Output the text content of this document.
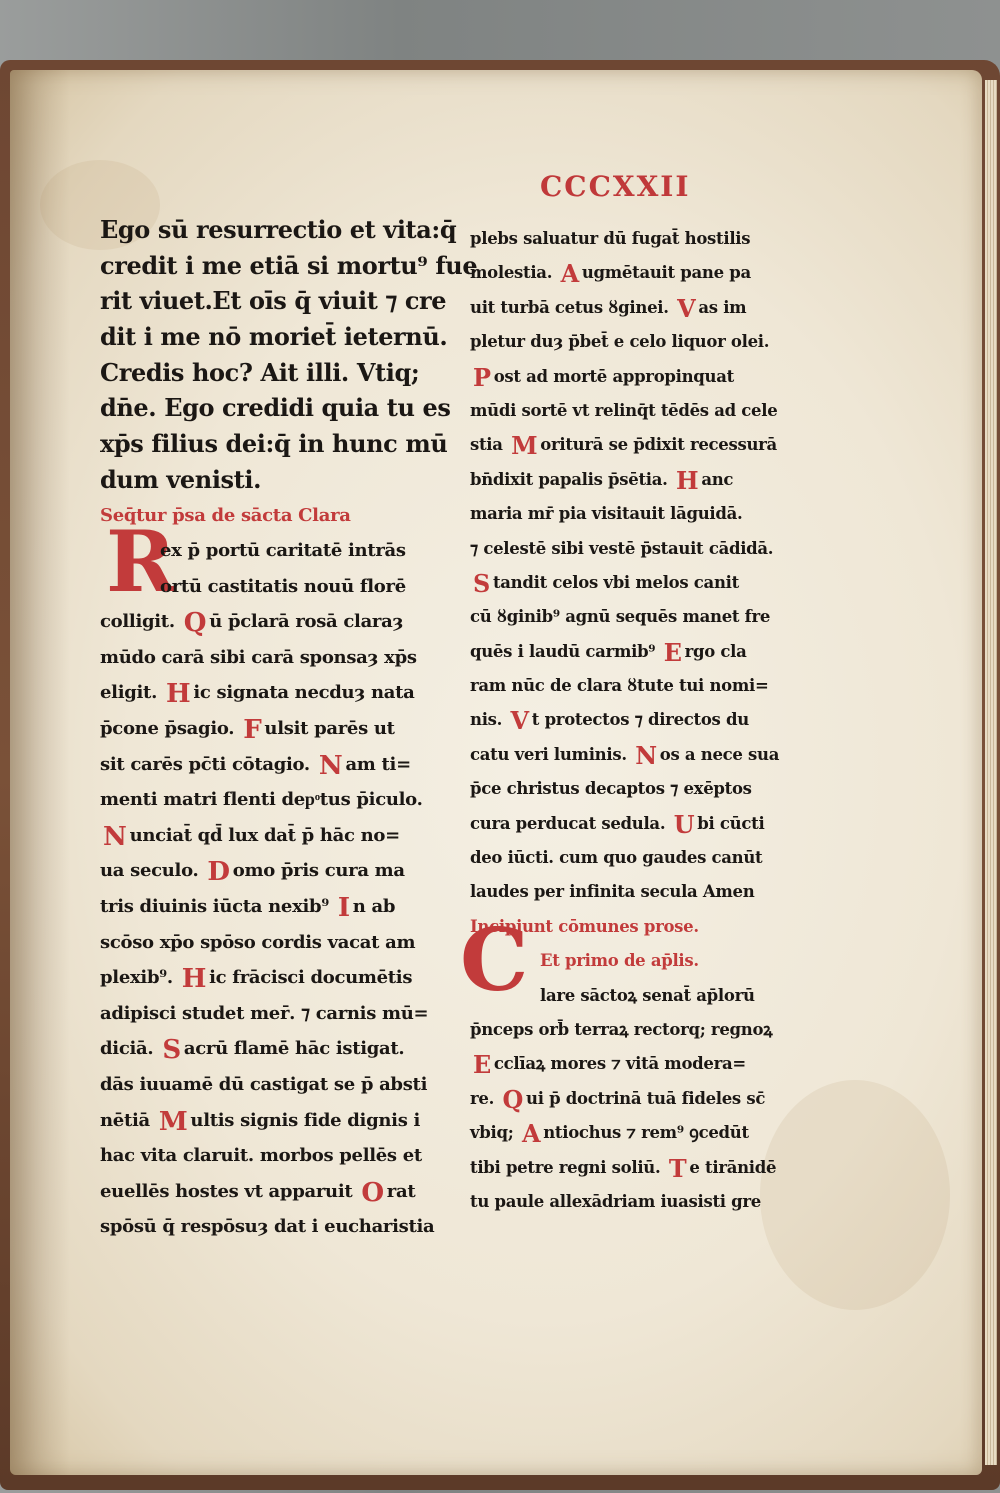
CCCXXII
R
C
Ego sū resurrectio et vita:q̄
credit i me etiā si mortu⁹ fue
rit viuet.Et oīs q̄ viuit ⁊ cre
dit i me nō moriet̄ ieternū.
Credis hoc? Ait illi. Vtiq;
dn̄e. Ego credidi quia tu es
xp̄s filius dei:q̄ in hunc mū
dum venisti.
Seq̄tur p̄sa de sācta Clara
ex p̄ portū caritatē intrās
ortū castitatis nouū florē
colligit. Q ū p̄clarā rosā claraȝ
mūdo carā sibi carā sponsaȝ xp̄s
eligit. H ic signata necduȝ nata
p̄cone p̄sagio. F ulsit parēs ut
sit carēs pc̄ti cōtagio. N am ti=
menti matri flenti depͦtus p̄iculo.
N unciat̄ qd̄ lux dat̄ p̄ hāc no=
ua seculo. D omo p̄ris cura ma
tris diuinis iūcta nexib⁹ I n ab
scōso xp̄o spōso cordis vacat am
plexib⁹. H ic frācisci documētis
adipisci studet mer̄. ⁊ carnis mū=
diciā. S acrū flamē hāc istigat.
dās iuuamē dū castigat se p̄ absti
nētiā M ultis signis fide dignis i
hac vita claruit. morbos pellēs et
euellēs hostes vt apparuit O rat
spōsū q̄ respōsuȝ dat i eucharistia
plebs saluatur dū fugat̄ hostilis
molestia. A ugmētauit pane pa
uit turbā cetus ȣginei. V as im
pletur duȝ p̄bet̄ e celo liquor olei.
P ost ad mortē appropinquat
mūdi sortē vt relinq̄t tēdēs ad cele
stia M oriturā se p̄dixit recessurā
bn̄dixit papalis p̄sētia. H anc
maria mr̄ pia visitauit lāguidā.
⁊ celestē sibi vestē p̄stauit cādidā.
S tandit celos vbi melos canit
cū ȣginib⁹ agnū sequēs manet fre
quēs i laudū carmib⁹ E rgo cla
ram nūc de clara ȣtute tui nomi=
nis. V t protectos ⁊ directos du
catu veri luminis. N os a nece sua
p̄ce christus decaptos ⁊ exēptos
cura perducat sedula. U bi cūcti
deo iūcti. cum quo gaudes canūt
laudes per infinita secula Amen
Incipiunt cōmunes prose.
Et primo de ap̄lis.
lare sāctoꝝ senat̄ ap̄lorū
p̄nceps orb̄ terraꝝ rectorq; regnoꝝ
E cclīaꝝ mores ⁊ vitā modera=
re. Q ui p̄ doctrinā tuā fideles sc̄
vbiq; A ntiochus ⁊ rem⁹ ꝯcedūt
tibi petre regni soliū. T e tirānidē
tu paule allexādriam iuasisti gre
